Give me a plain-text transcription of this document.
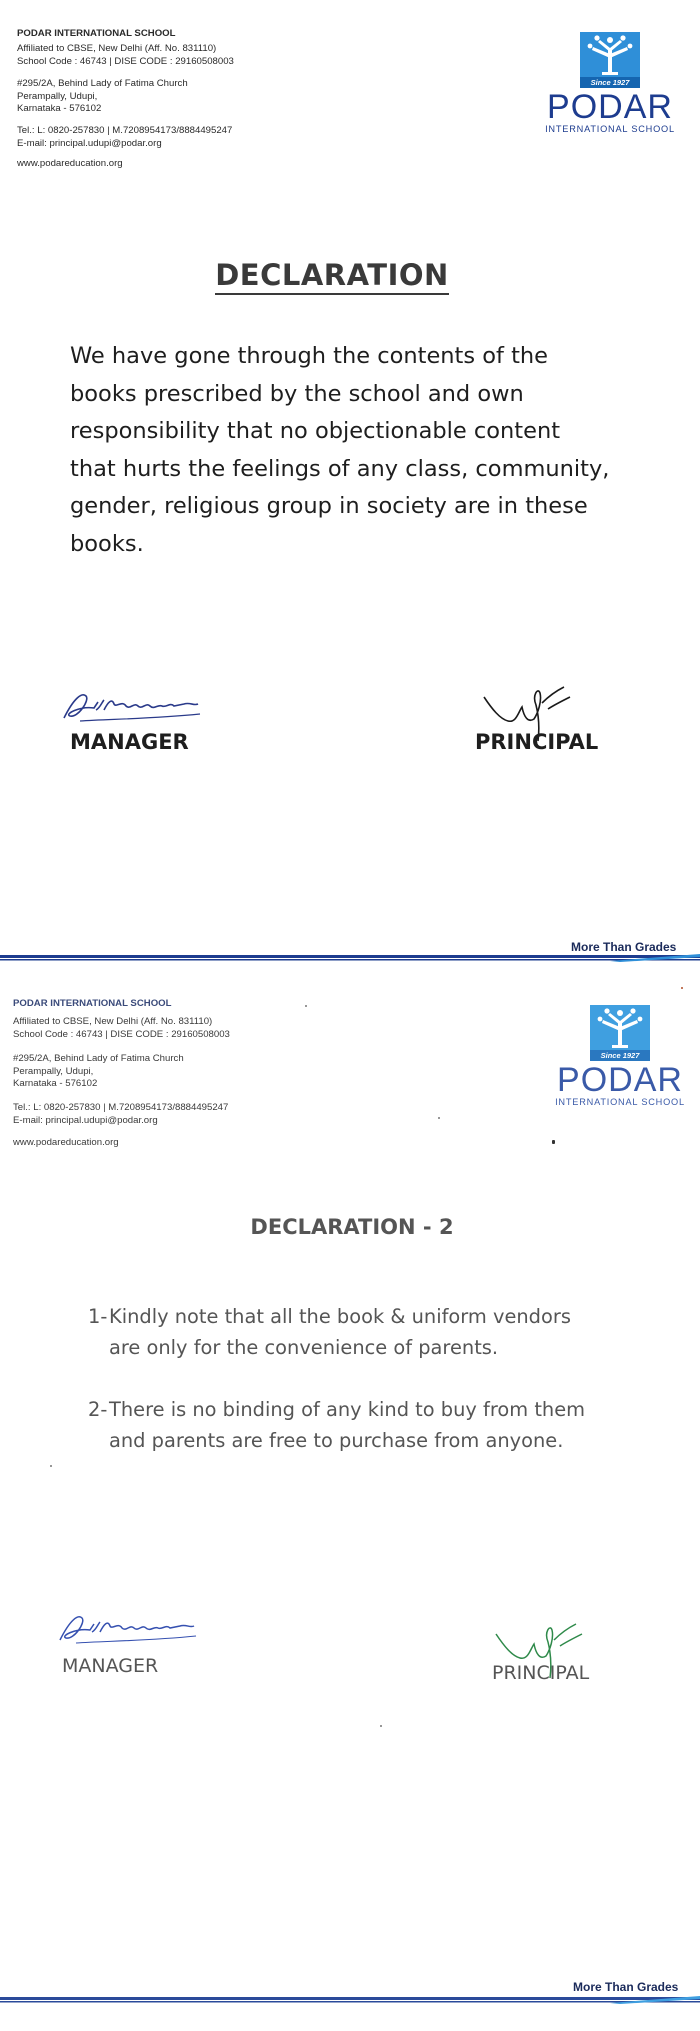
PODAR INTERNATIONAL SCHOOL
Affiliated to CBSE, New Delhi (Aff. No. 831110)
School Code : 46743 | DISE CODE : 29160508003
#295/2A, Behind Lady of Fatima Church
Perampally, Udupi,
Karnataka - 576102
Tel.: L: 0820-257830 | M.7208954173/8884495247
E-mail: principal.udupi@podar.org
www.podareducation.org
Since 1927
PODAR
INTERNATIONAL SCHOOL
DECLARATION
We have gone through the contents of the books prescribed by the school and own responsibility that no objectionable content that hurts the feelings of any class, community, gender, religious group in society are in these books.
MANAGER	PRINCIPAL
More Than Grades
PODAR INTERNATIONAL SCHOOL
Affiliated to CBSE, New Delhi (Aff. No. 831110)
School Code : 46743 | DISE CODE : 29160508003
#295/2A, Behind Lady of Fatima Church
Perampally, Udupi,
Karnataka - 576102
Tel.: L: 0820-257830 | M.7208954173/8884495247
E-mail: principal.udupi@podar.org
www.podareducation.org
Since 1927
PODAR
INTERNATIONAL SCHOOL
DECLARATION - 2
1- Kindly note that all the book & uniform vendors are only for the convenience of parents.
2- There is no binding of any kind to buy from them and parents are free to purchase from anyone.
MANAGER	PRINCIPAL
More Than Grades
